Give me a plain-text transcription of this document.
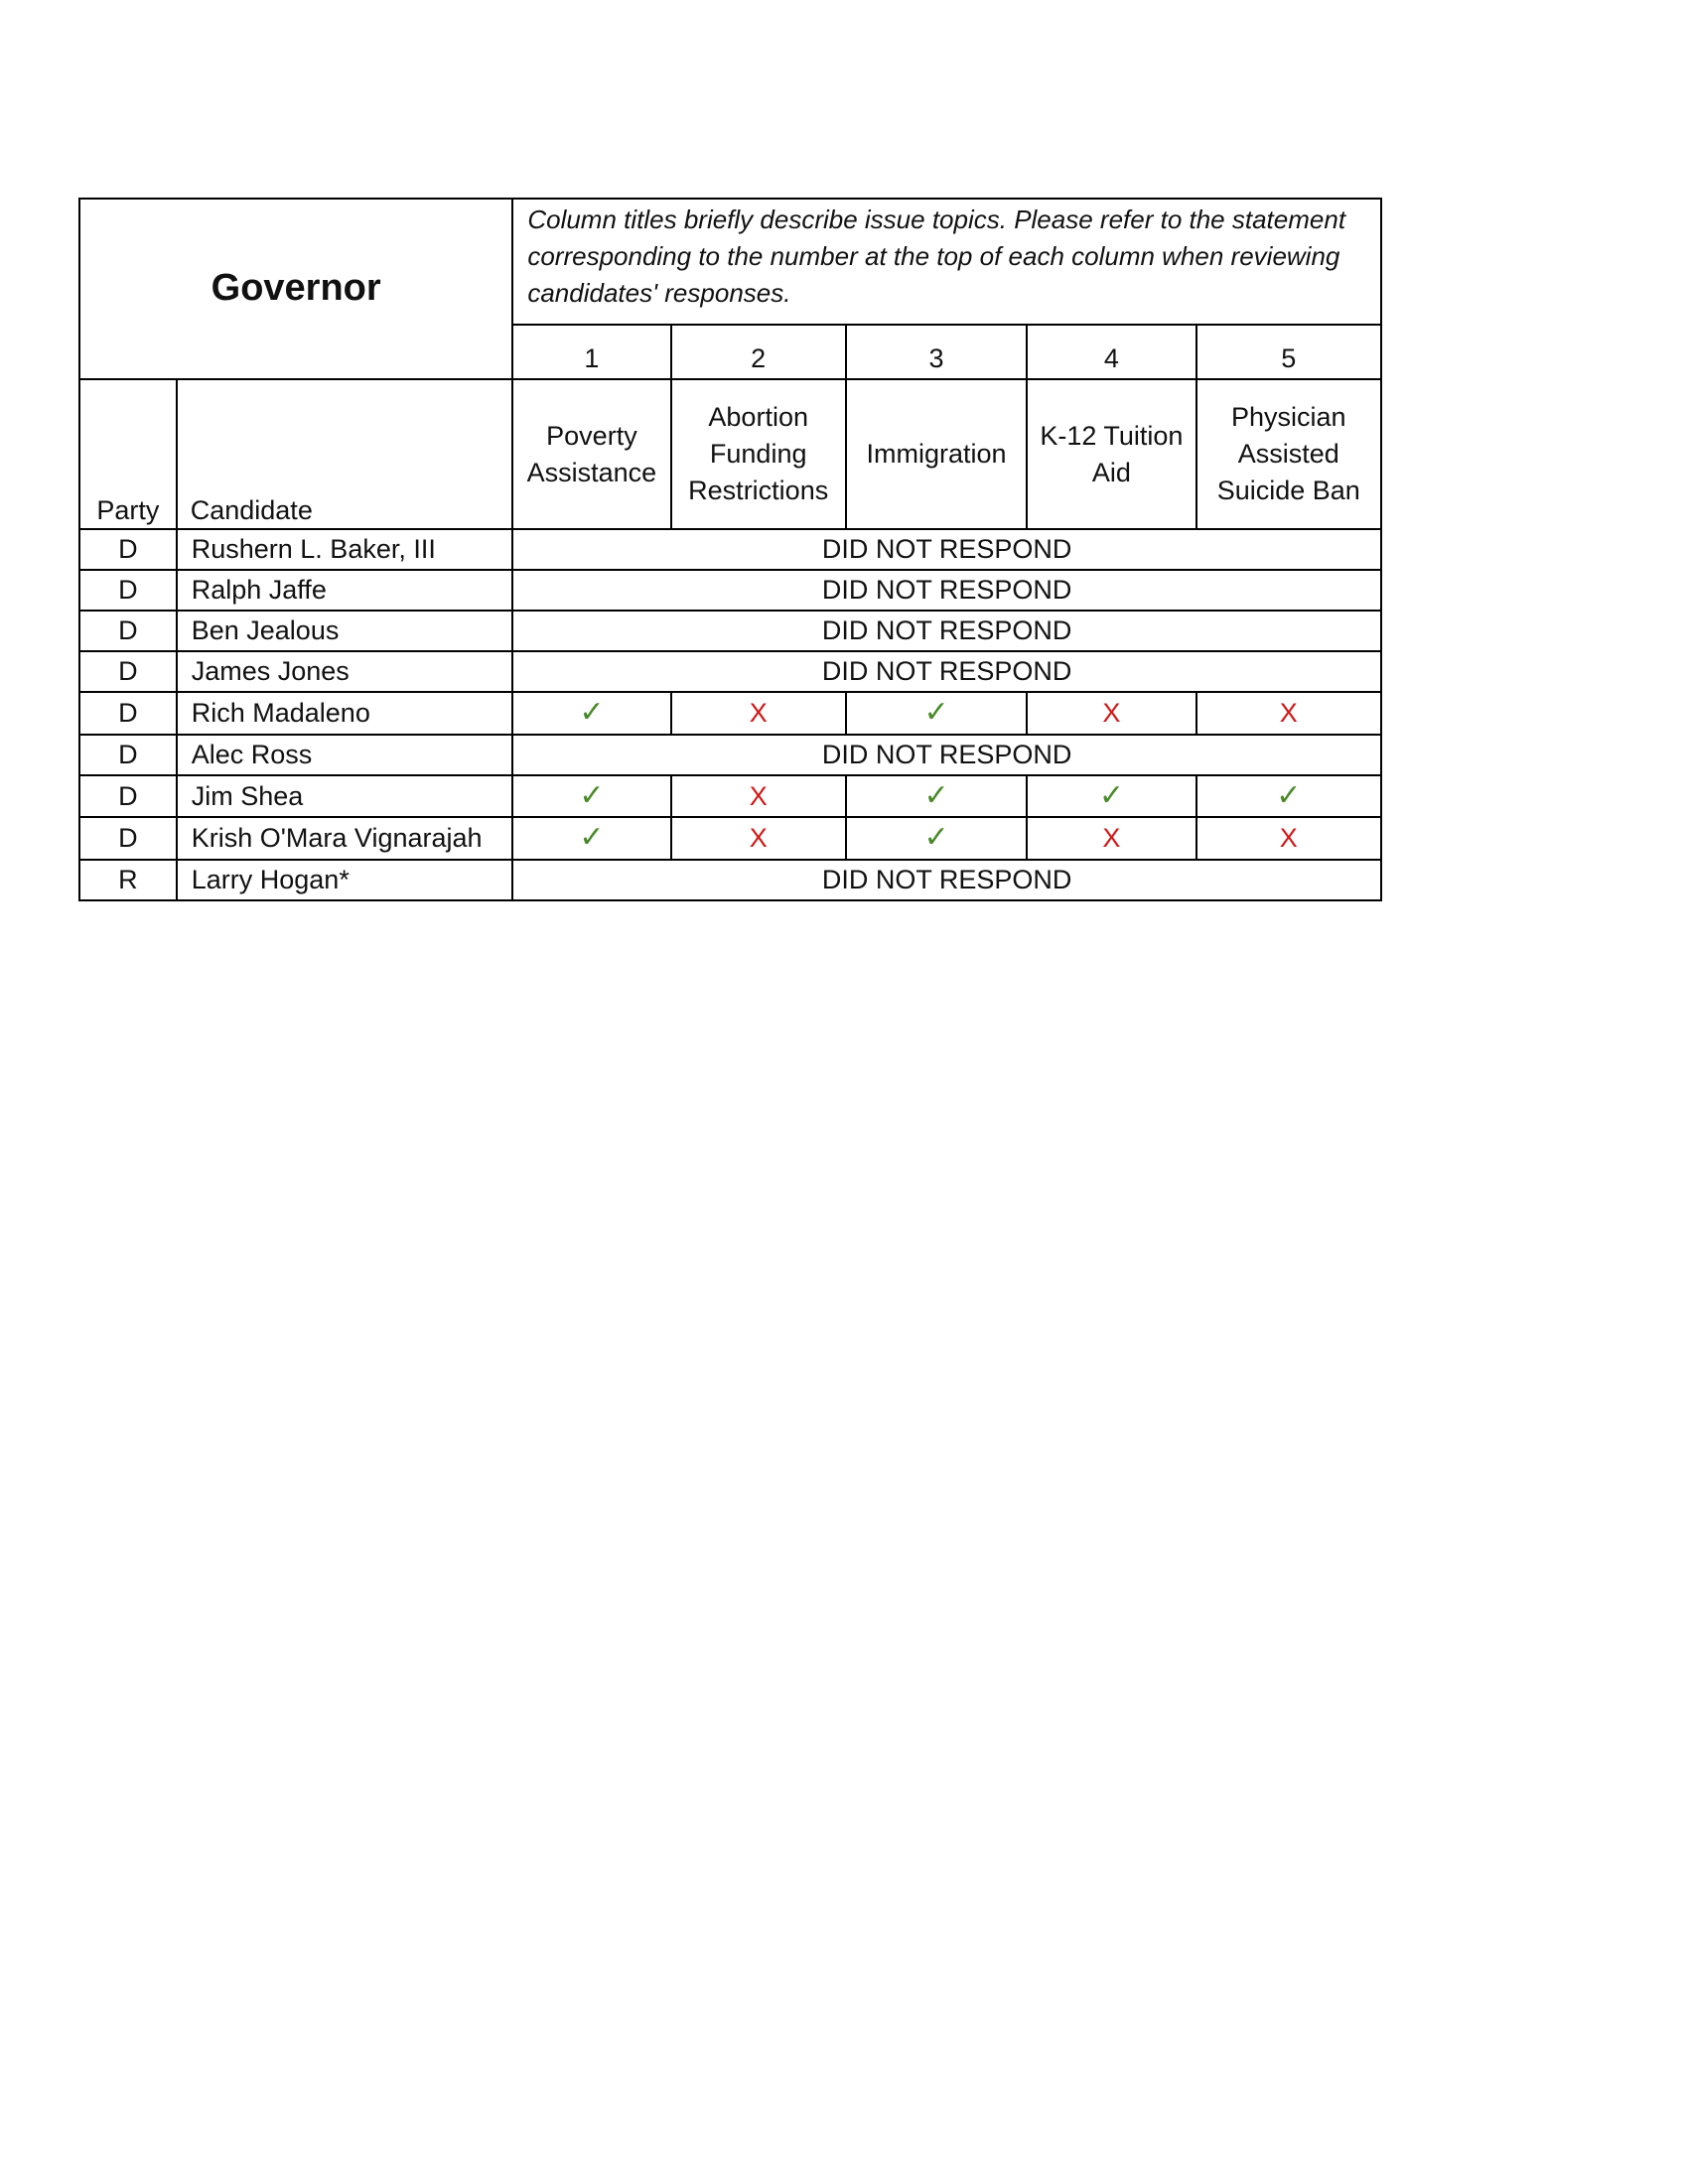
Governor		Column titles briefly describe issue topics. Please refer to the statement corresponding to the number at the top of each column when reviewing candidates' responses.				
		1	2	3	4	5
Party	Candidate	Poverty Assistance	Abortion Funding Restrictions	Immigration	K-12 Tuition Aid	Physician Assisted Suicide Ban
D	Rushern L. Baker, III	DID NOT RESPOND				
D	Ralph Jaffe	DID NOT RESPOND				
D	Ben Jealous	DID NOT RESPOND				
D	James Jones	DID NOT RESPOND				
D	Rich Madaleno	✓	X	✓	X	X
D	Alec Ross	DID NOT RESPOND				
D	Jim Shea	✓	X	✓	✓	✓
D	Krish O'Mara Vignarajah	✓	X	✓	X	X
R	Larry Hogan*	DID NOT RESPOND				
